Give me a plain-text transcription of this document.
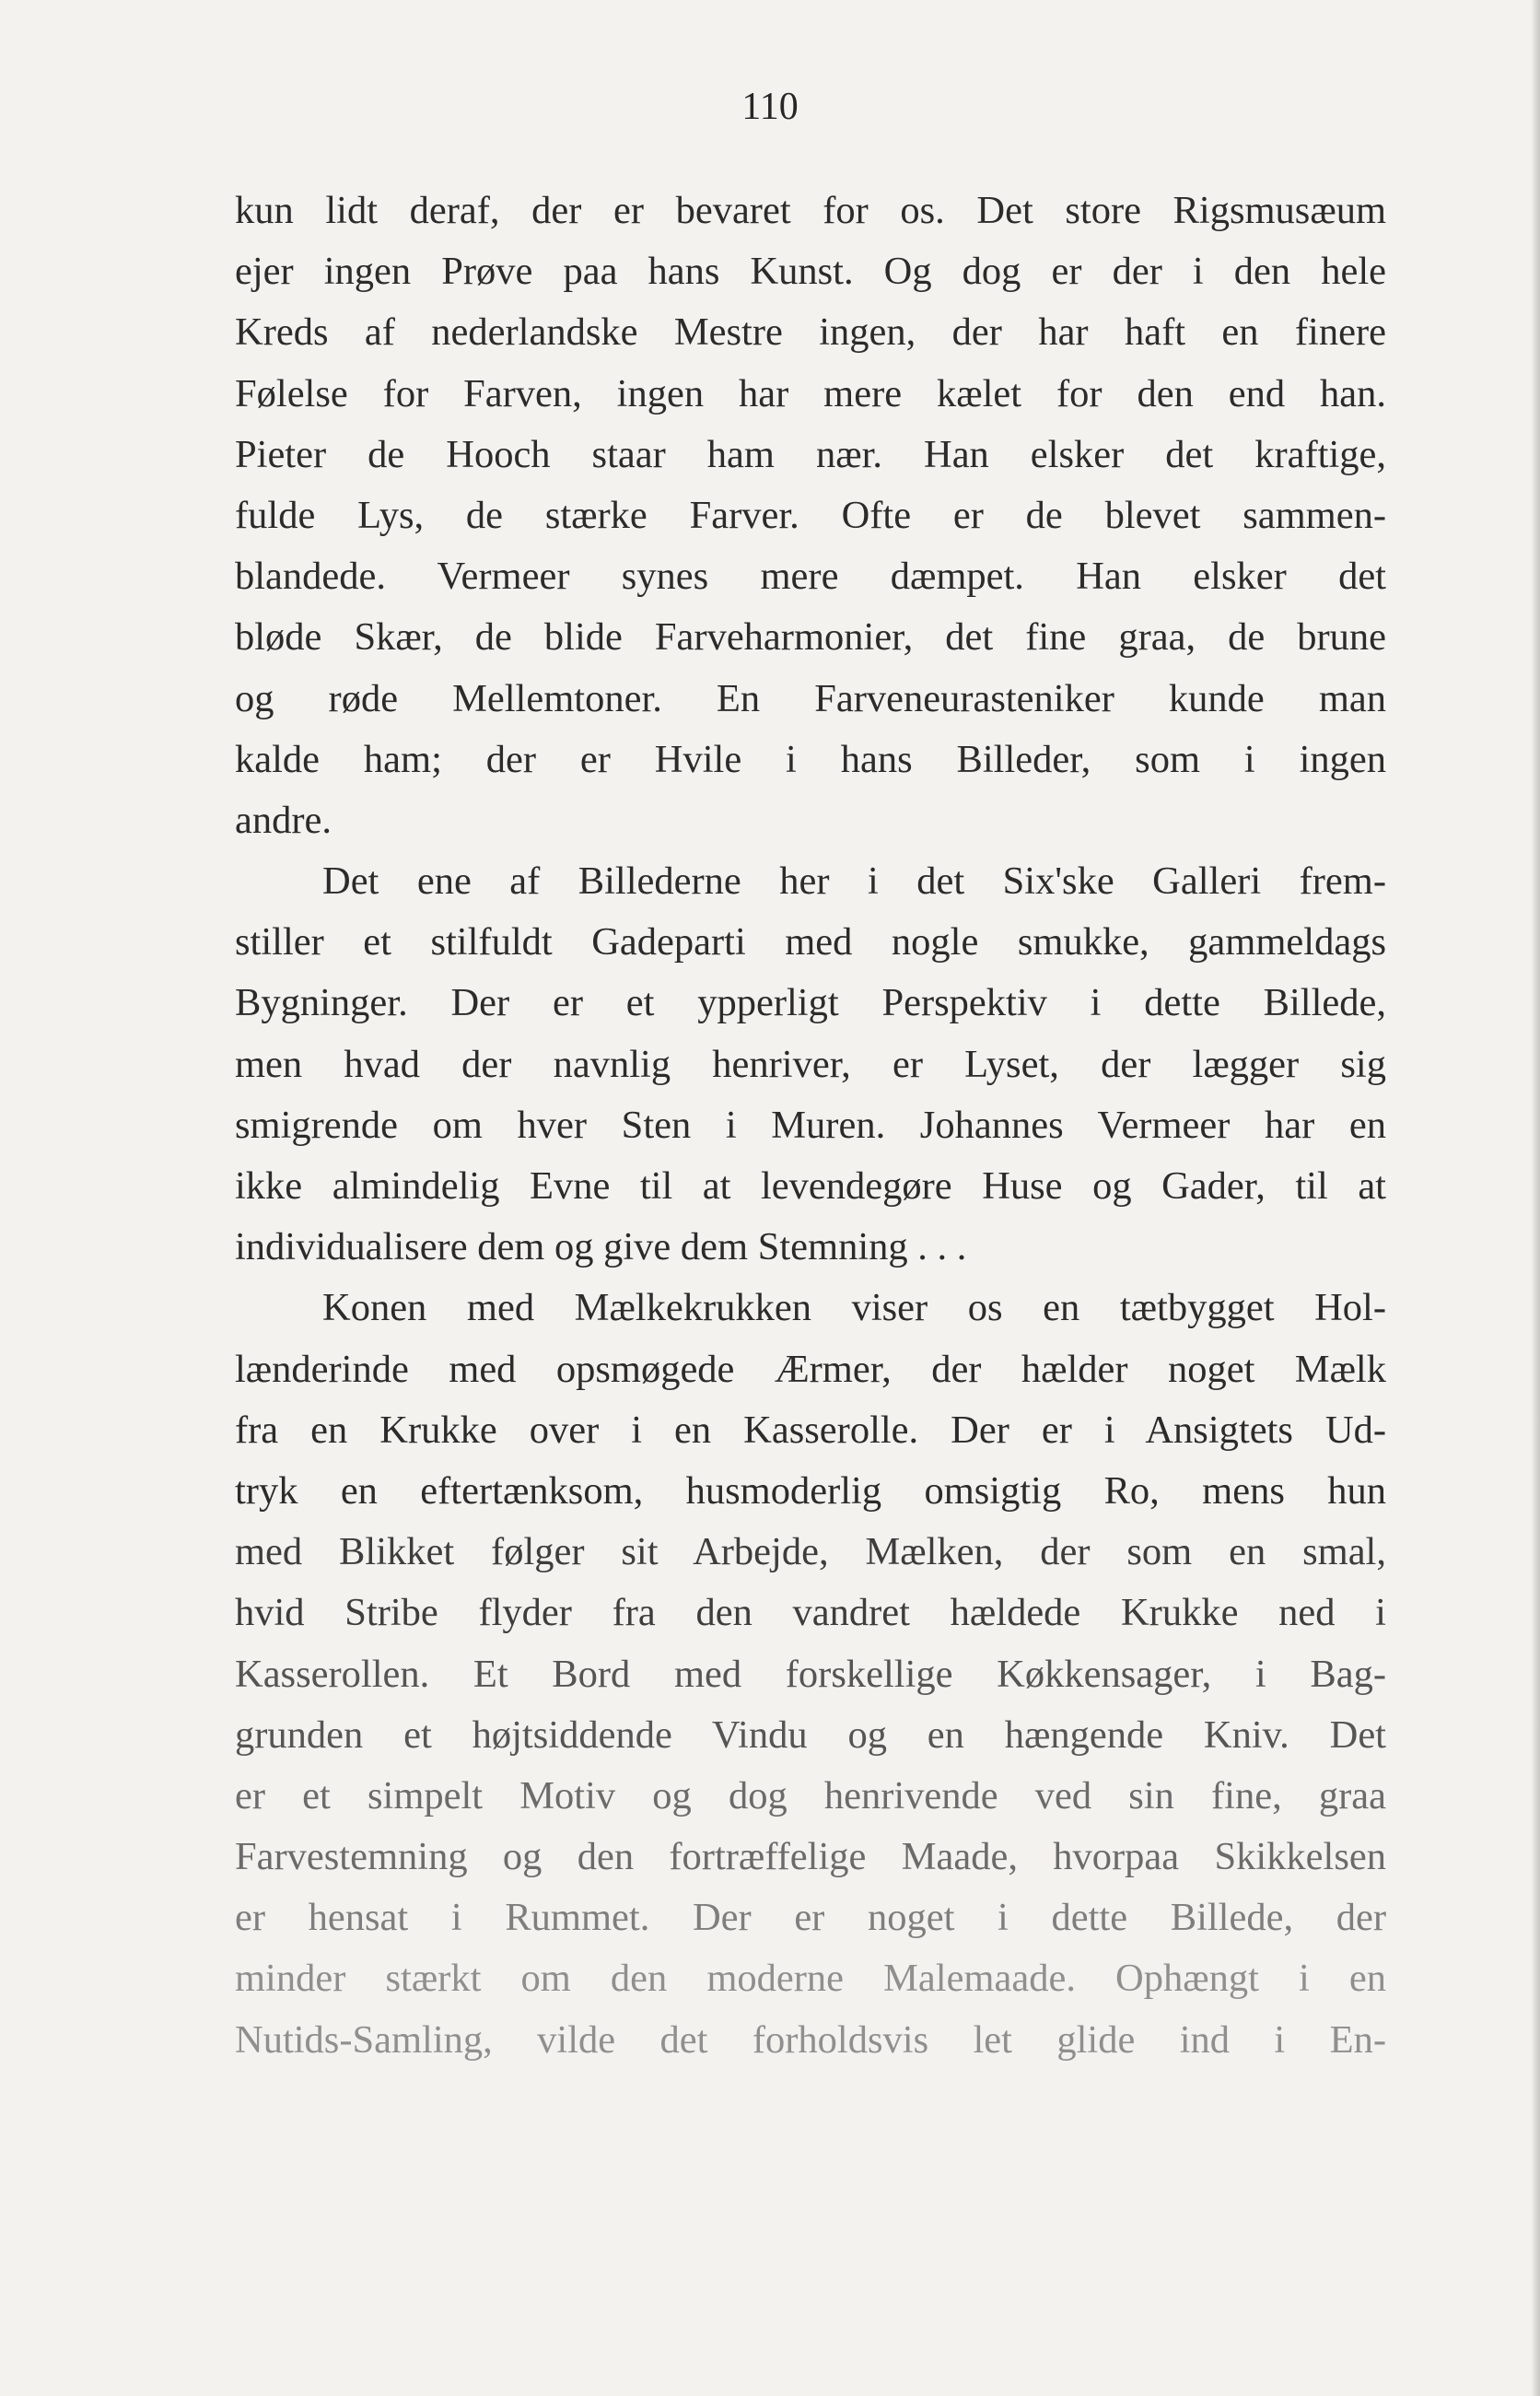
110

kun lidt deraf, der er bevaret for os. Det store Rigsmusæum
ejer ingen Prøve paa hans Kunst. Og dog er der i den hele
Kreds af nederlandske Mestre ingen, der har haft en finere
Følelse for Farven, ingen har mere kælet for den end han.
Pieter de Hooch staar ham nær. Han elsker det kraftige,
fulde Lys, de stærke Farver. Ofte er de blevet sammen-
blandede. Vermeer synes mere dæmpet. Han elsker det
bløde Skær, de blide Farveharmonier, det fine graa, de brune
og røde Mellemtoner. En Farveneurasteniker kunde man
kalde ham; der er Hvile i hans Billeder, som i ingen
andre.
Det ene af Billederne her i det Six'ske Galleri frem-
stiller et stilfuldt Gadeparti med nogle smukke, gammeldags
Bygninger. Der er et ypperligt Perspektiv i dette Billede,
men hvad der navnlig henriver, er Lyset, der lægger sig
smigrende om hver Sten i Muren. Johannes Vermeer har en
ikke almindelig Evne til at levendegøre Huse og Gader, til at
individualisere dem og give dem Stemning . . .
Konen med Mælkekrukken viser os en tætbygget Hol-
lænderinde med opsmøgede Ærmer, der hælder noget Mælk
fra en Krukke over i en Kasserolle. Der er i Ansigtets Ud-
tryk en eftertænksom, husmoderlig omsigtig Ro, mens hun
med Blikket følger sit Arbejde, Mælken, der som en smal,
hvid Stribe flyder fra den vandret hældede Krukke ned i
Kasserollen. Et Bord med forskellige Køkkensager, i Bag-
grunden et højtsiddende Vindu og en hængende Kniv. Det
er et simpelt Motiv og dog henrivende ved sin fine, graa
Farvestemning og den fortræffelige Maade, hvorpaa Skikkelsen
er hensat i Rummet. Der er noget i dette Billede, der
minder stærkt om den moderne Malemaade. Ophængt i en
Nutids-Samling, vilde det forholdsvis let glide ind i En-
